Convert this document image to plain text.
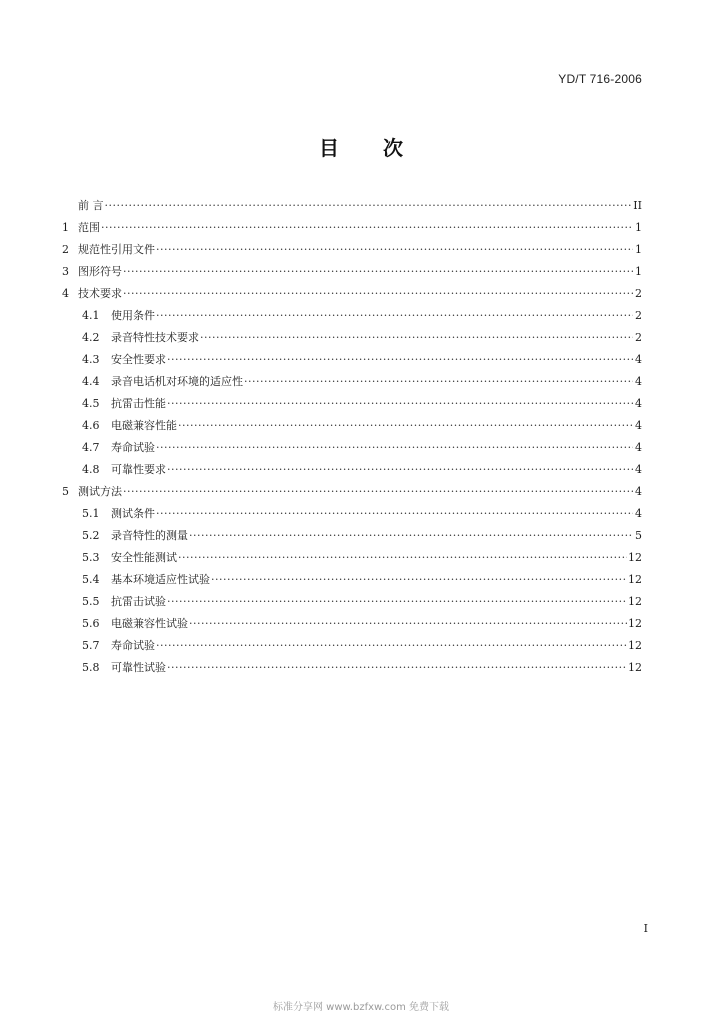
YD/T 716-2006
目 次
前 言 ·····	II
1 范围 ·····	1
2 规范性引用文件 ·····	1
3 图形符号 ·····	1
4 技术要求 ·····	2
4.1	使用条件 ·····	2
4.2	录音特性技术要求 ·····	2
4.3	安全性要求 ·····	4
4.4	录音电话机对环境的适应性 ·····	4
4.5	抗雷击性能 ·····	4
4.6	电磁兼容性能 ·····	4
4.7	寿命试验 ·····	4
4.8	可靠性要求 ·····	4
5 测试方法 ·····	4
5.1	测试条件 ·····	4
5.2	录音特性的测量 ·····	5
5.3	安全性能测试 ·····	12
5.4	基本环境适应性试验 ·····	12
5.5	抗雷击试验 ·····	12
5.6	电磁兼容性试验 ·····	12
5.7	寿命试验 ·····	12
5.8	可靠性试验 ·····	12
I
标准分享网 www.bzfxw.com 免费下载
